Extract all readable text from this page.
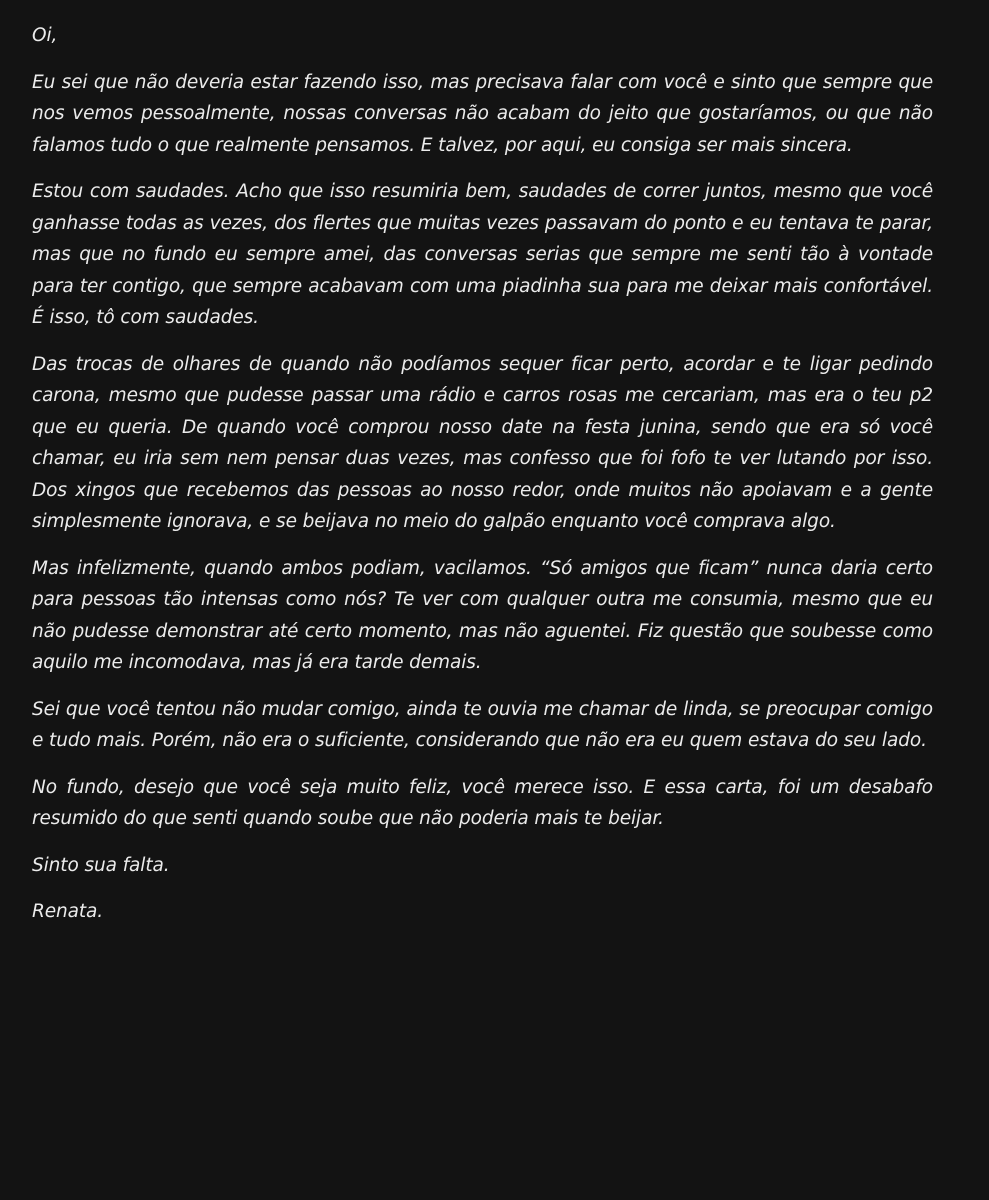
Oi,

Eu sei que não deveria estar fazendo isso, mas precisava falar com você e sinto que sempre que nos vemos pessoalmente, nossas conversas não acabam do jeito que gostaríamos, ou que não falamos tudo o que realmente pensamos. E talvez, por aqui, eu consiga ser mais sincera.

Estou com saudades. Acho que isso resumiria bem, saudades de correr juntos, mesmo que você ganhasse todas as vezes, dos flertes que muitas vezes passavam do ponto e eu tentava te parar, mas que no fundo eu sempre amei, das conversas serias que sempre me senti tão à vontade para ter contigo, que sempre acabavam com uma piadinha sua para me deixar mais confortável. É isso, tô com saudades.

Das trocas de olhares de quando não podíamos sequer ficar perto, acordar e te ligar pedindo carona, mesmo que pudesse passar uma rádio e carros rosas me cercariam, mas era o teu p2 que eu queria. De quando você comprou nosso date na festa junina, sendo que era só você chamar, eu iria sem nem pensar duas vezes, mas confesso que foi fofo te ver lutando por isso. Dos xingos que recebemos das pessoas ao nosso redor, onde muitos não apoiavam e a gente simplesmente ignorava, e se beijava no meio do galpão enquanto você comprava algo.

Mas infelizmente, quando ambos podiam, vacilamos. “Só amigos que ficam” nunca daria certo para pessoas tão intensas como nós? Te ver com qualquer outra me consumia, mesmo que eu não pudesse demonstrar até certo momento, mas não aguentei. Fiz questão que soubesse como aquilo me incomodava, mas já era tarde demais.

Sei que você tentou não mudar comigo, ainda te ouvia me chamar de linda, se preocupar comigo e tudo mais. Porém, não era o suficiente, considerando que não era eu quem estava do seu lado.

No fundo, desejo que você seja muito feliz, você merece isso. E essa carta, foi um desabafo resumido do que senti quando soube que não poderia mais te beijar.

Sinto sua falta.

Renata.
